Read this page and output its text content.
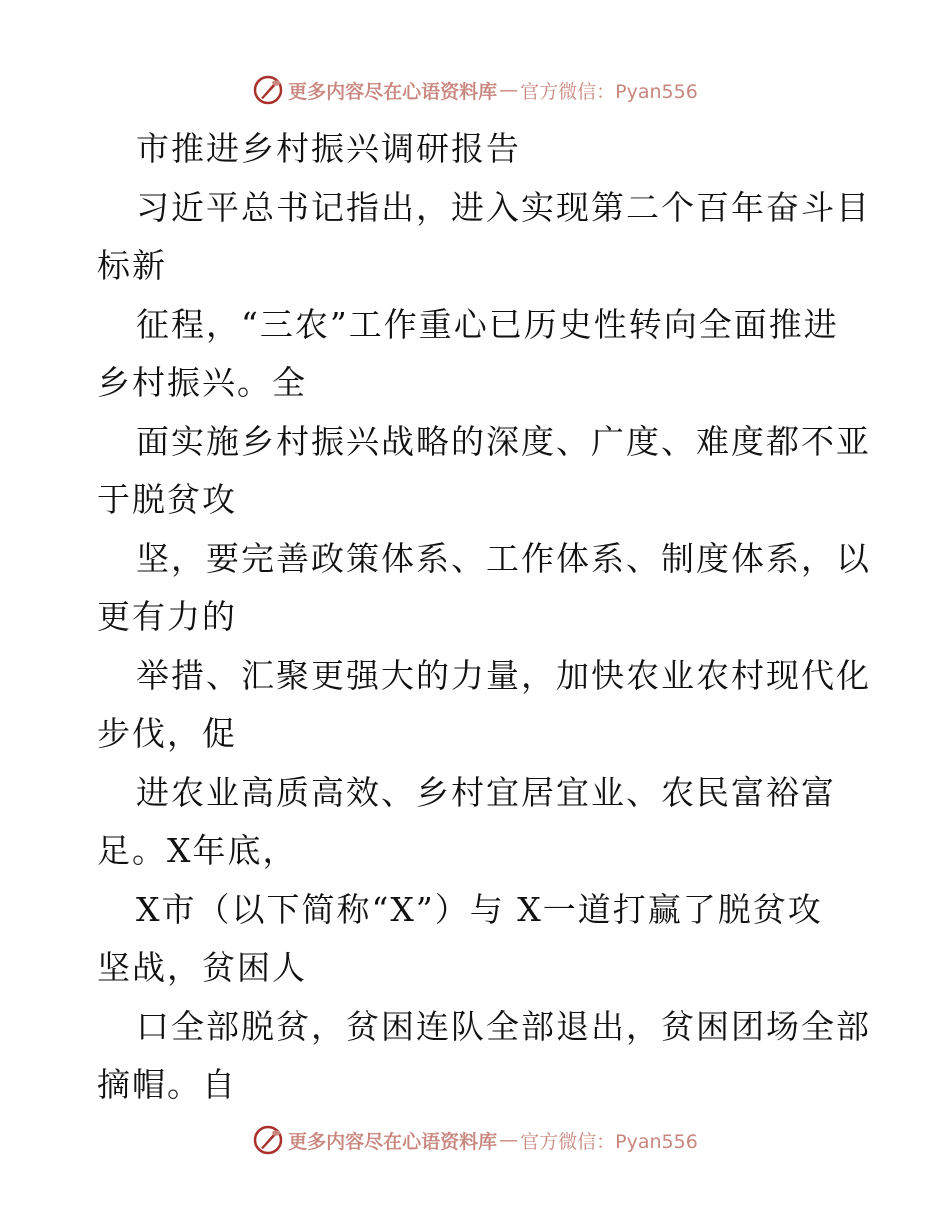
更多内容尽在心语资料库 — 官方微信：Pyan556
市推进乡村振兴调研报告
习近平总书记指出，进入实现第二个百年奋斗目
标新
征程，“三农”工作重心已历史性转向全面推进
乡村振兴。全
面实施乡村振兴战略的深度、广度、难度都不亚
于脱贫攻
坚，要完善政策体系、工作体系、制度体系，以
更有力的
举措、汇聚更强大的力量，加快农业农村现代化
步伐，促
进农业高质高效、乡村宜居宜业、农民富裕富
足。X年底，
X市（以下简称“X”）与 X一道打赢了脱贫攻
坚战，贫困人
口全部脱贫，贫困连队全部退出，贫困团场全部
摘帽。自
更多内容尽在心语资料库 — 官方微信：Pyan556
